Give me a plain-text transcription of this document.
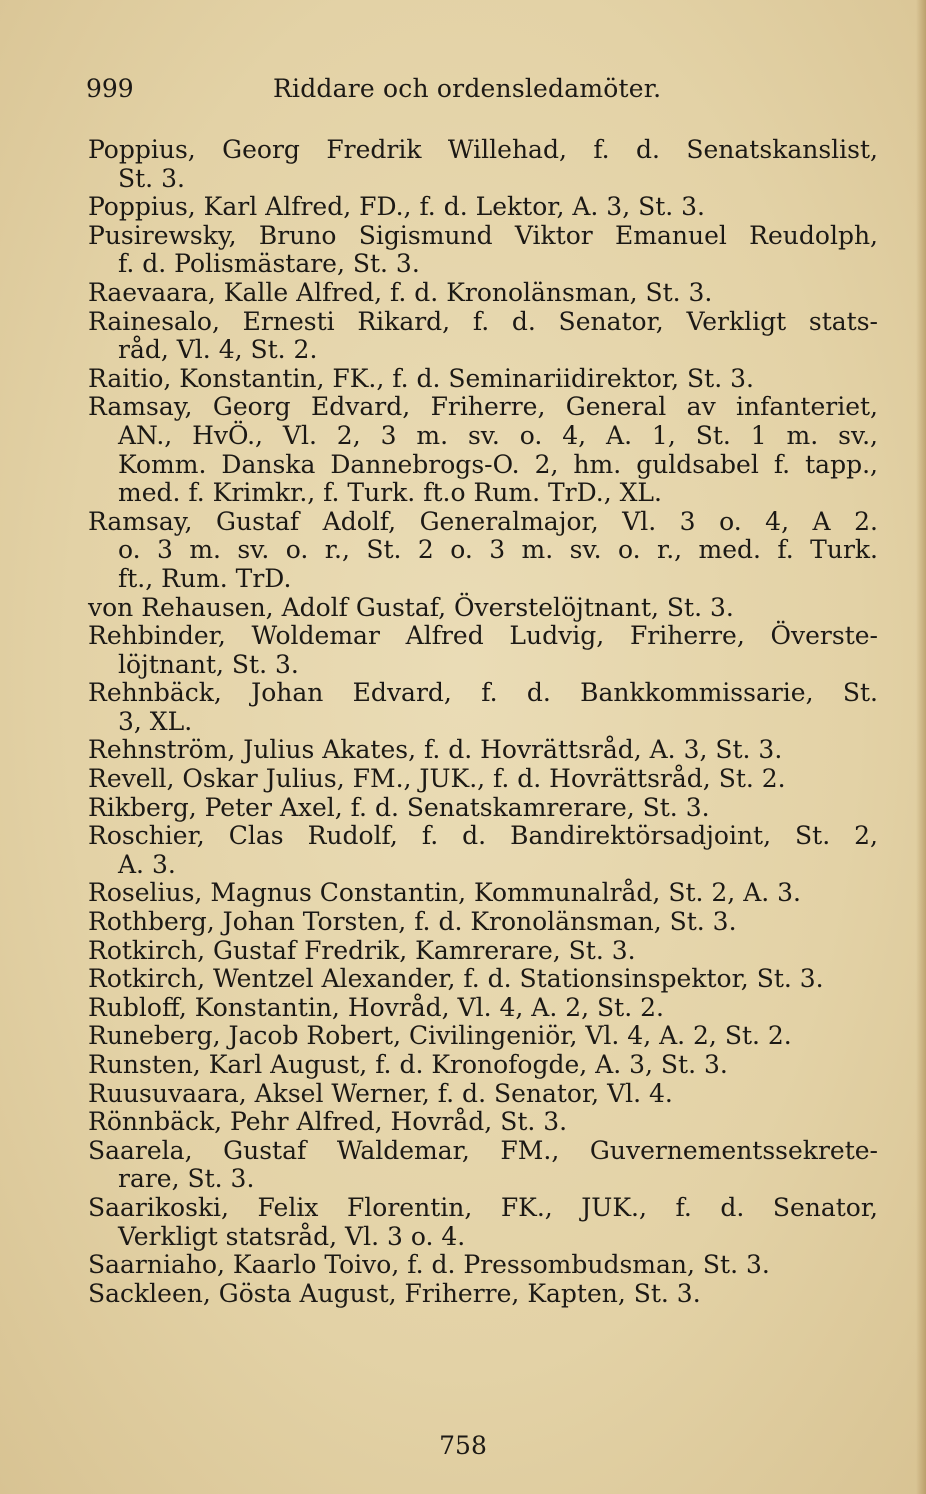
999	Riddare och ordensledamöter.
Poppius, Georg Fredrik Willehad, f. d. Senatskanslist,
St. 3.
Poppius, Karl Alfred, FD., f. d. Lektor, A. 3, St. 3.
Pusirewsky, Bruno Sigismund Viktor Emanuel Reudolph,
f. d. Polismästare, St. 3.
Raevaara, Kalle Alfred, f. d. Kronolänsman, St. 3.
Rainesalo, Ernesti Rikard, f. d. Senator, Verkligt stats-
råd, Vl. 4, St. 2.
Raitio, Konstantin, FK., f. d. Seminariidirektor, St. 3.
Ramsay, Georg Edvard, Friherre, General av infanteriet,
AN., HvÖ., Vl. 2, 3 m. sv. o. 4, A. 1, St. 1 m. sv.,
Komm. Danska Dannebrogs-O. 2, hm. guldsabel f. tapp.,
med. f. Krimkr., f. Turk. ft.o Rum. TrD., XL.
Ramsay, Gustaf Adolf, Generalmajor, Vl. 3 o. 4, A 2.
o. 3 m. sv. o. r., St. 2 o. 3 m. sv. o. r., med. f. Turk.
ft., Rum. TrD.
von Rehausen, Adolf Gustaf, Överstelöjtnant, St. 3.
Rehbinder, Woldemar Alfred Ludvig, Friherre, Överste-
löjtnant, St. 3.
Rehnbäck, Johan Edvard, f. d. Bankkommissarie, St.
3, XL.
Rehnström, Julius Akates, f. d. Hovrättsråd, A. 3, St. 3.
Revell, Oskar Julius, FM., JUK., f. d. Hovrättsråd, St. 2.
Rikberg, Peter Axel, f. d. Senatskamrerare, St. 3.
Roschier, Clas Rudolf, f. d. Bandirektörsadjoint, St. 2,
A. 3.
Roselius, Magnus Constantin, Kommunalråd, St. 2, A. 3.
Rothberg, Johan Torsten, f. d. Kronolänsman, St. 3.
Rotkirch, Gustaf Fredrik, Kamrerare, St. 3.
Rotkirch, Wentzel Alexander, f. d. Stationsinspektor, St. 3.
Rubloff, Konstantin, Hovråd, Vl. 4, A. 2, St. 2.
Runeberg, Jacob Robert, Civilingeniör, Vl. 4, A. 2, St. 2.
Runsten, Karl August, f. d. Kronofogde, A. 3, St. 3.
Ruusuvaara, Aksel Werner, f. d. Senator, Vl. 4.
Rönnbäck, Pehr Alfred, Hovråd, St. 3.
Saarela, Gustaf Waldemar, FM., Guvernementssekrete-
rare, St. 3.
Saarikoski, Felix Florentin, FK., JUK., f. d. Senator,
Verkligt statsråd, Vl. 3 o. 4.
Saarniaho, Kaarlo Toivo, f. d. Pressombudsman, St. 3.
Sackleen, Gösta August, Friherre, Kapten, St. 3.
758
